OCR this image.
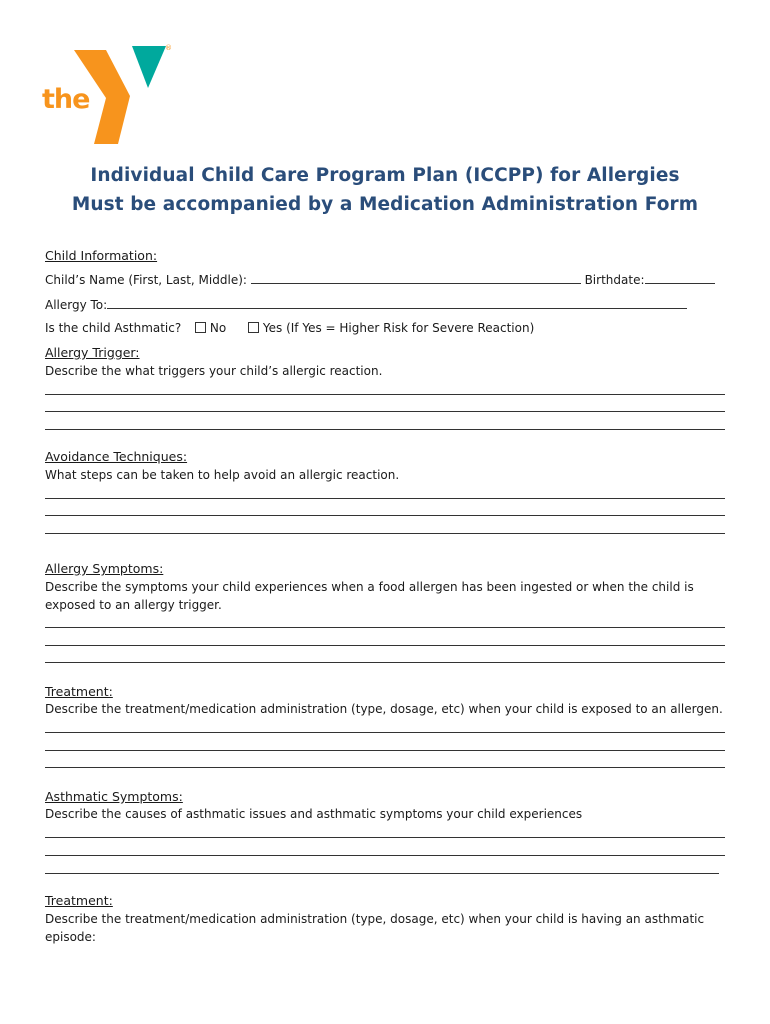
the
YMCA
®
Individual Child Care Program Plan (ICCPP) for Allergies
Must be accompanied by a Medication Administration Form
Child Information:
Child’s Name (First, Last, Middle):	Birthdate:
Allergy To:
Is the child Asthmatic? No	Yes (If Yes = Higher Risk for Severe Reaction)
Allergy Trigger:
Describe the what triggers your child’s allergic reaction.
Avoidance Techniques:
What steps can be taken to help avoid an allergic reaction.
Allergy Symptoms:
Describe the symptoms your child experiences when a food allergen has been ingested or when the child is
exposed to an allergy trigger.
Treatment:
Describe the treatment/medication administration (type, dosage, etc) when your child is exposed to an allergen.
Asthmatic Symptoms:
Describe the causes of asthmatic issues and asthmatic symptoms your child experiences
Treatment:
Describe the treatment/medication administration (type, dosage, etc) when your child is having an asthmatic
episode:
